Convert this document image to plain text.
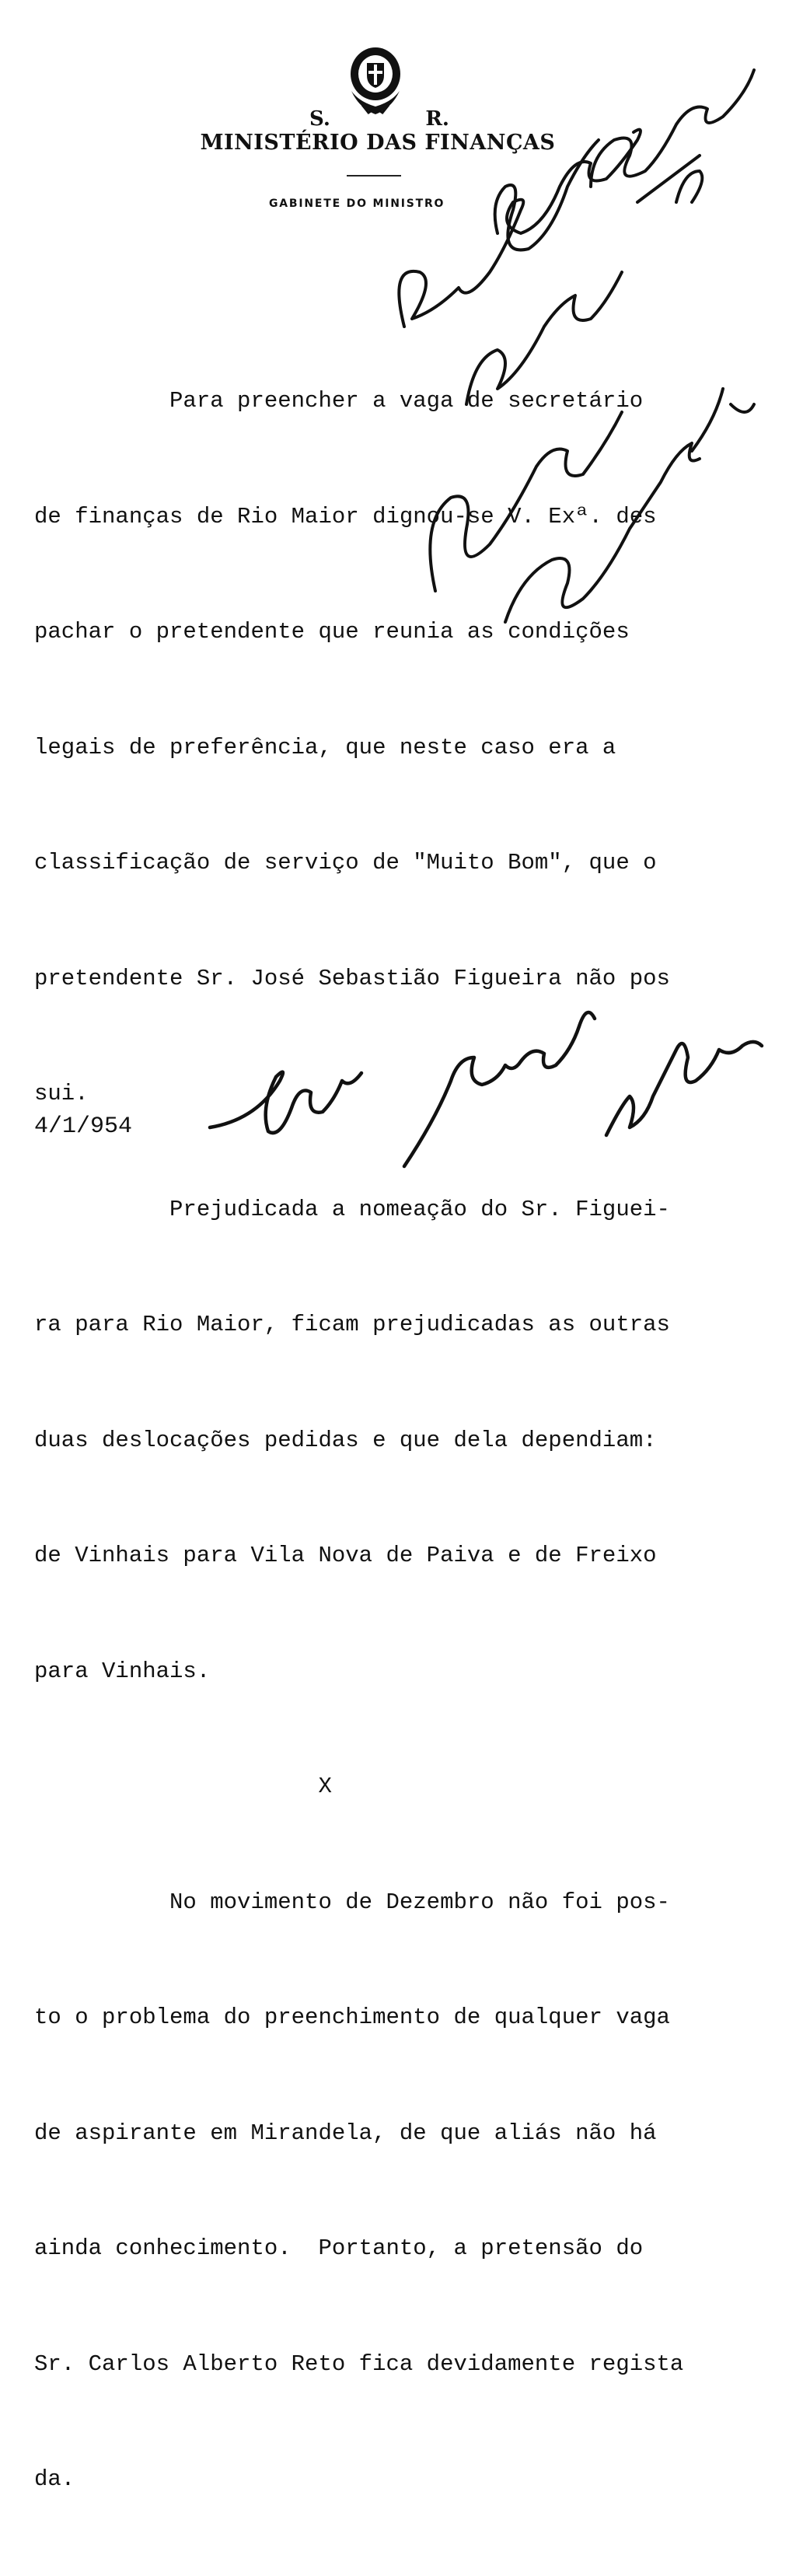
S.	R.
MINISTÉRIO DAS FINANÇAS
GABINETE DO MINISTRO

Para preencher a vaga de secretário

de finanças de Rio Maior dignou-se V. Exª. des

pachar o pretendente que reunia as condições

legais de preferência, que neste caso era a

classificação de serviço de "Muito Bom", que o

pretendente Sr. José Sebastião Figueira não pos

sui.

Prejudicada a nomeação do Sr. Figuei-

ra para Rio Maior, ficam prejudicadas as outras

duas deslocações pedidas e que dela dependiam:

de Vinhais para Vila Nova de Paiva e de Freixo

para Vinhais.

X

No movimento de Dezembro não foi pos-

to o problema do preenchimento de qualquer vaga

de aspirante em Mirandela, de que aliás não há

ainda conhecimento.  Portanto, a pretensão do

Sr. Carlos Alberto Reto fica devidamente regista

da.

4/1/954
